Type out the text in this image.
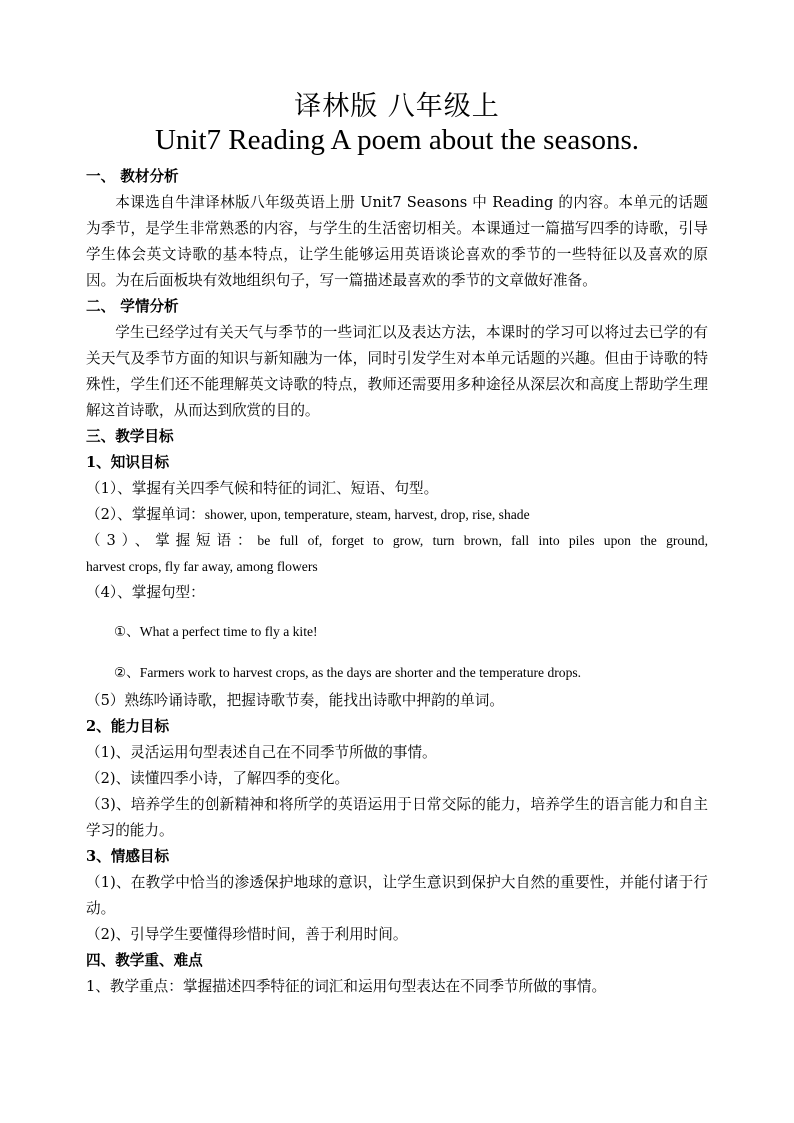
译林版 八年级上
Unit7 Reading A poem about the seasons.

一、 教材分析

本课选自牛津译林版八年级英语上册 Unit7 Seasons 中 Reading 的内容。本单元的话题为季节，是学生非常熟悉的内容，与学生的生活密切相关。本课通过一篇描写四季的诗歌，引导学生体会英文诗歌的基本特点，让学生能够运用英语谈论喜欢的季节的一些特征以及喜欢的原因。为在后面板块有效地组织句子，写一篇描述最喜欢的季节的文章做好准备。

二、 学情分析

学生已经学过有关天气与季节的一些词汇以及表达方法，本课时的学习可以将过去已学的有关天气及季节方面的知识与新知融为一体，同时引发学生对本单元话题的兴趣。但由于诗歌的特殊性，学生们还不能理解英文诗歌的特点，教师还需要用多种途径从深层次和高度上帮助学生理解这首诗歌，从而达到欣赏的目的。

三、教学目标

1、知识目标

（1）、掌握有关四季气候和特征的词汇、短语、句型。

（2）、掌握单词：shower, upon, temperature, steam, harvest, drop, rise, shade

（3）、掌握短语：be full of, forget to grow, turn brown, fall into piles upon the ground,

harvest crops, fly far away, among flowers

（4）、掌握句型：

①、What a perfect time to fly a kite!

②、Farmers work to harvest crops, as the days are shorter and the temperature drops.

（5）熟练吟诵诗歌，把握诗歌节奏，能找出诗歌中押韵的单词。

2、能力目标

（1)、灵活运用句型表述自己在不同季节所做的事情。

（2)、读懂四季小诗，了解四季的变化。

（3)、培养学生的创新精神和将所学的英语运用于日常交际的能力，培养学生的语言能力和自主学习的能力。

3、情感目标

（1)、在教学中恰当的渗透保护地球的意识，让学生意识到保护大自然的重要性，并能付诸于行动。

（2)、引导学生要懂得珍惜时间，善于利用时间。

四、教学重、难点

1、教学重点：掌握描述四季特征的词汇和运用句型表达在不同季节所做的事情。
